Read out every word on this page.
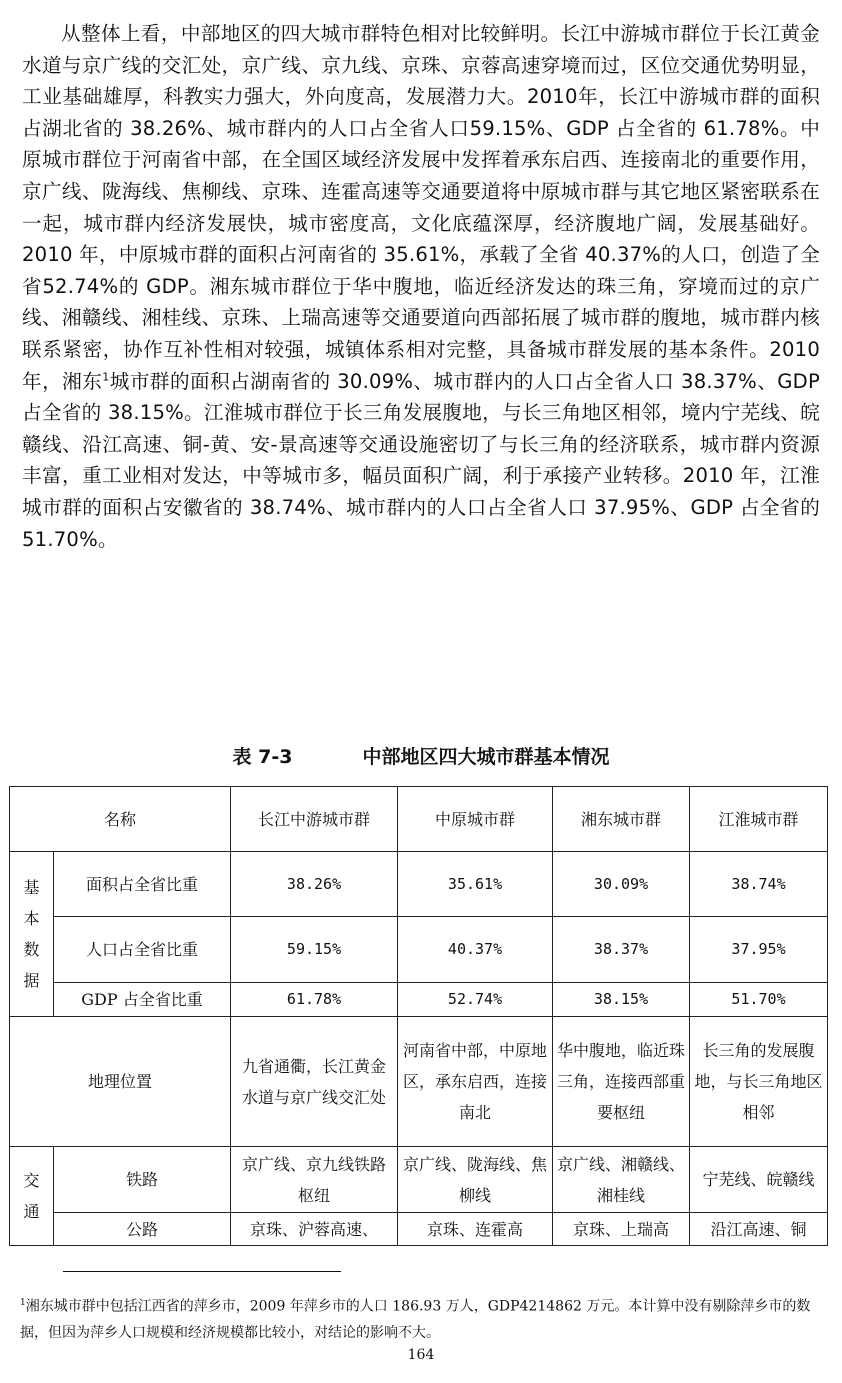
从整体上看，中部地区的四大城市群特色相对比较鲜明。长江中游城市群位于长江黄金水道与京广线的交汇处，京广线、京九线、京珠、京蓉高速穿境而过，区位交通优势明显，工业基础雄厚，科教实力强大，外向度高，发展潜力大。2010年，长江中游城市群的面积占湖北省的 38.26%、城市群内的人口占全省人口59.15%、GDP 占全省的 61.78%。中原城市群位于河南省中部，在全国区域经济发展中发挥着承东启西、连接南北的重要作用，京广线、陇海线、焦柳线、京珠、连霍高速等交通要道将中原城市群与其它地区紧密联系在一起，城市群内经济发展快，城市密度高，文化底蕴深厚，经济腹地广阔，发展基础好。2010 年，中原城市群的面积占河南省的 35.61%，承载了全省 40.37%的人口，创造了全省52.74%的 GDP。湘东城市群位于华中腹地，临近经济发达的珠三角，穿境而过的京广线、湘赣线、湘桂线、京珠、上瑞高速等交通要道向西部拓展了城市群的腹地，城市群内核联系紧密，协作互补性相对较强，城镇体系相对完整，具备城市群发展的基本条件。2010 年，湘东$^1$城市群的面积占湖南省的 30.09%、城市群内的人口占全省人口 38.37%、GDP 占全省的 38.15%。江淮城市群位于长三角发展腹地，与长三角地区相邻，境内宁芜线、皖赣线、沿江高速、铜-黄、安-景高速等交通设施密切了与长三角的经济联系，城市群内资源丰富，重工业相对发达，中等城市多，幅员面积广阔，利于承接产业转移。2010 年，江淮城市群的面积占安徽省的 38.74%、城市群内的人口占全省人口 37.95%、GDP 占全省的 51.70%。

表 7-3	中部地区四大城市群基本情况
名称		长江中游城市群	中原城市群	湘东城市群	江淮城市群

基本数据	面积占全省比重	38.26%	35.61%	30.09%	38.74%
	人口占全省比重	59.15%	40.37%	38.37%	37.95%
	GDP 占全省比重	61.78%	52.74%	38.15%	51.70%
地理位置		九省通衢，长江黄金水道与京广线交汇处	河南省中部，中原地区，承东启西，连接南北	华中腹地，临近珠三角，连接西部重要枢纽	长三角的发展腹地，与长三角地区相邻

交通	铁路	京广线、京九线铁路枢纽	京广线、陇海线、焦柳线	京广线、湘赣线、湘桂线	宁芜线、皖赣线
	公路	京珠、沪蓉高速、	京珠、连霍高	京珠、上瑞高	沿江高速、铜

$^1$湘东城市群中包括江西省的萍乡市，2009 年萍乡市的人口 186.93 万人，GDP4214862 万元。本计算中没有剔除萍乡市的数据，但因为萍乡人口规模和经济规模都比较小，对结论的影响不大。

164
